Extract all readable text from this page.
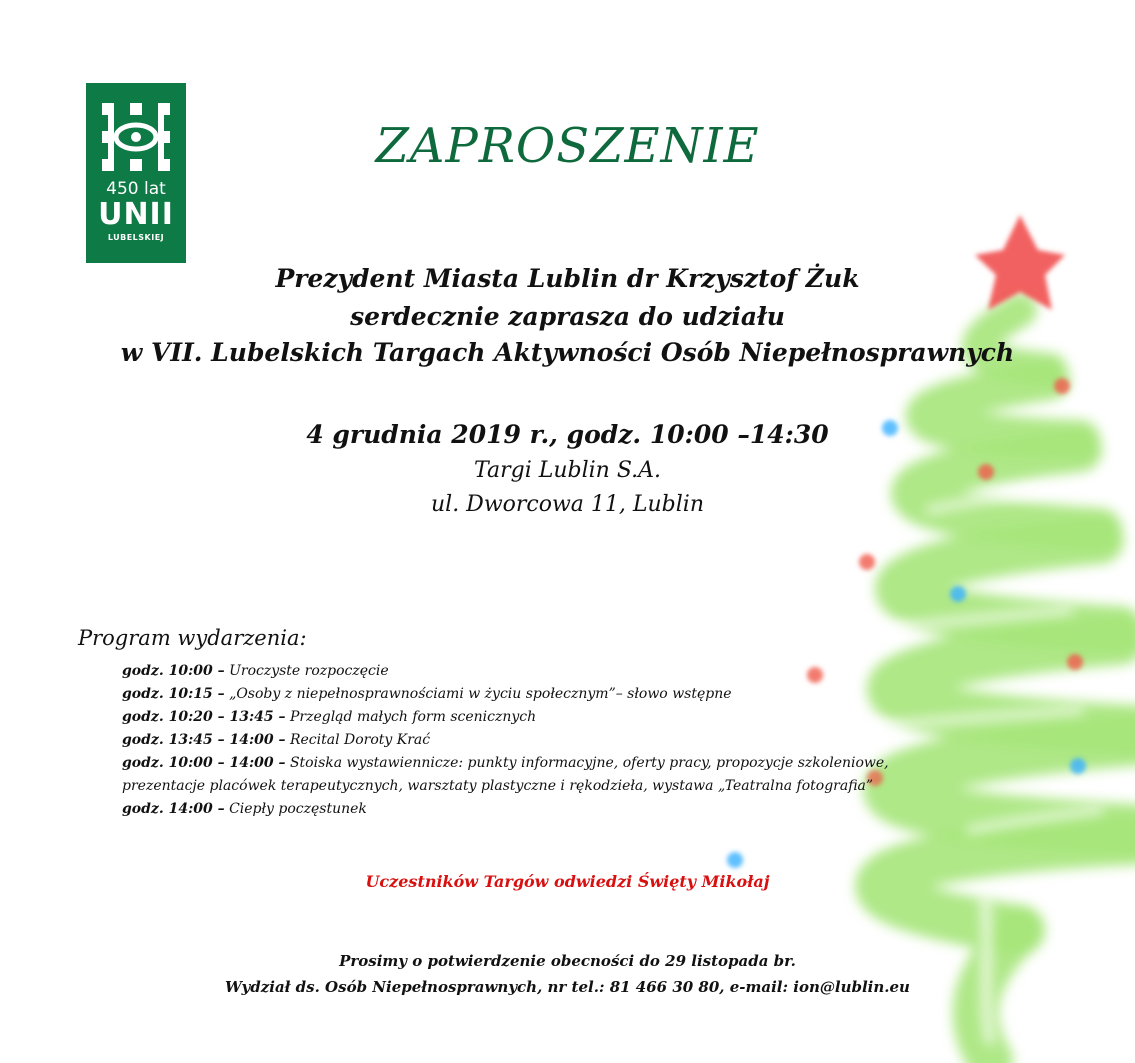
450 lat
UNII
LUBELSKIEJ
ZAPROSZENIE
Prezydent Miasta Lublin dr Krzysztof Żuk
serdecznie zaprasza do udziału
w VII. Lubelskich Targach Aktywności Osób Niepełnosprawnych
4 grudnia 2019 r., godz. 10:00 –14:30
Targi Lublin S.A.
ul. Dworcowa 11, Lublin
Program wydarzenia:
godz. 10:00 – Uroczyste rozpoczęcie
godz. 10:15 – „Osoby z niepełnosprawnościami w życiu społecznym”– słowo wstępne
godz. 10:20 – 13:45 – Przegląd małych form scenicznych
godz. 13:45 – 14:00 – Recital Doroty Krać
godz. 10:00 – 14:00 – Stoiska wystawiennicze: punkty informacyjne, oferty pracy, propozycje szkoleniowe,
prezentacje placówek terapeutycznych, warsztaty plastyczne i rękodzieła, wystawa „Teatralna fotografia”
godz. 14:00 – Ciepły poczęstunek
Uczestników Targów odwiedzi Święty Mikołaj
Prosimy o potwierdzenie obecności do 29 listopada br.
Wydział ds. Osób Niepełnosprawnych, nr tel.: 81 466 30 80, e-mail: ion@lublin.eu
